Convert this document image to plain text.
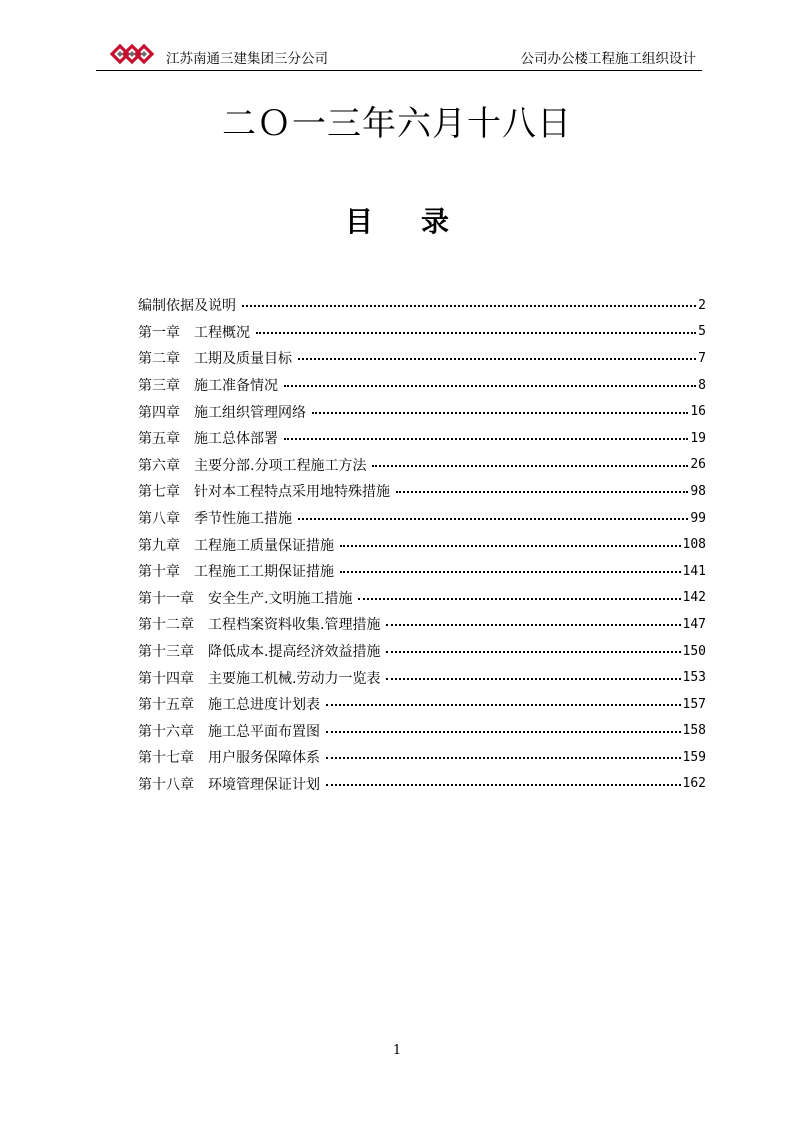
江苏南通三建集团三分公司	公司办公楼工程施工组织设计
二Ｏ一三年六月十八日
目 录
编制依据及说明	2
第一章　工程概况	5
第二章　工期及质量目标	7
第三章　施工准备情况	8
第四章　施工组织管理网络	16
第五章　施工总体部署	19
第六章　主要分部.分项工程施工方法	26
第七章　针对本工程特点采用地特殊措施	98
第八章　季节性施工措施	99
第九章　工程施工质量保证措施	108
第十章　工程施工工期保证措施	141
第十一章　安全生产.文明施工措施	142
第十二章　工程档案资料收集.管理措施	147
第十三章　降低成本.提高经济效益措施	150
第十四章　主要施工机械.劳动力一览表	153
第十五章　施工总进度计划表	157
第十六章　施工总平面布置图	158
第十七章　用户服务保障体系	159
第十八章　环境管理保证计划	162
1
